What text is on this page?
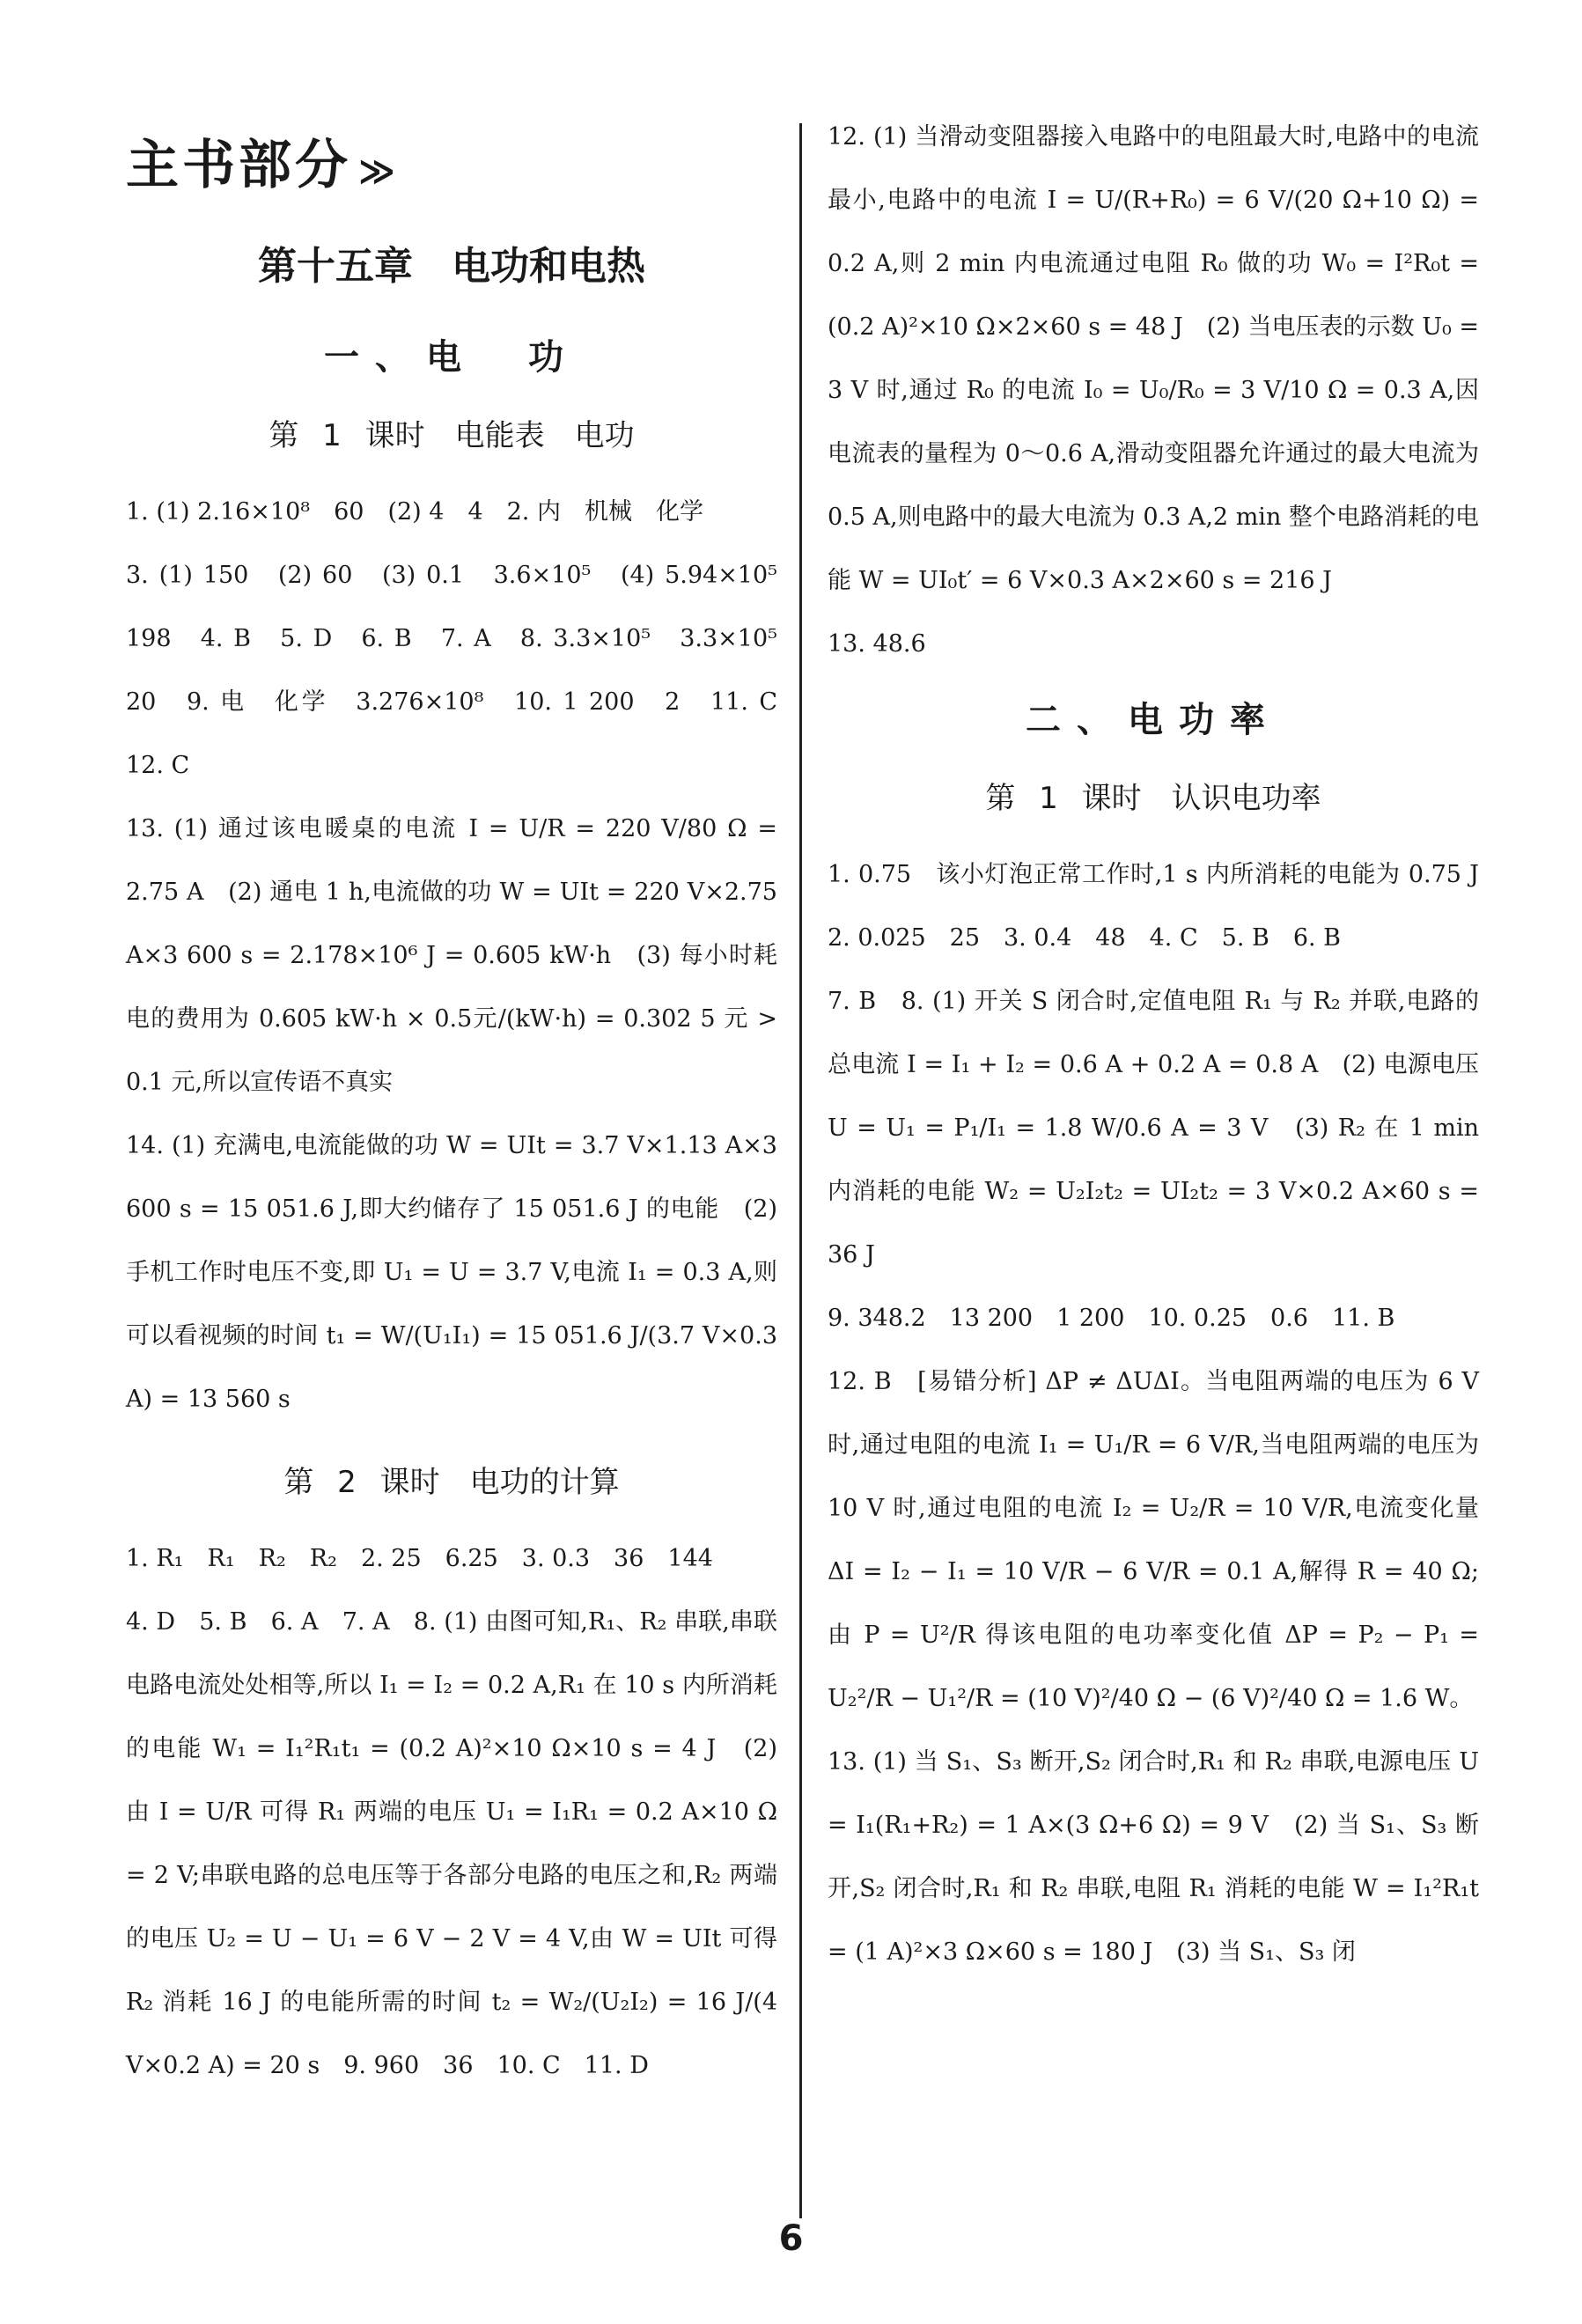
主书部分 ≫
第十五章　电功和电热
一、电　功
第 1 课时　电能表　电功

1. (1) 2.16×10⁸　60　(2) 4　4　2. 内　机械　化学

3. (1) 150　(2) 60　(3) 0.1　3.6×10⁵　(4) 5.94×10⁵　198　4. B　5. D　6. B　7. A　8. 3.3×10⁵　3.3×10⁵　20　9. 电　化学　3.276×10⁸　10. 1 200　2　11. C　12. C

13. (1) 通过该电暖桌的电流 I = U/R = 220 V/80 Ω = 2.75 A　(2) 通电 1 h,电流做的功 W = UIt = 220 V×2.75 A×3 600 s = 2.178×10⁶ J = 0.605 kW·h　(3) 每小时耗电的费用为 0.605 kW·h × 0.5元/(kW·h) = 0.302 5 元 > 0.1 元,所以宣传语不真实

14. (1) 充满电,电流能做的功 W = UIt = 3.7 V×1.13 A×3 600 s = 15 051.6 J,即大约储存了 15 051.6 J 的电能　(2) 手机工作时电压不变,即 U₁ = U = 3.7 V,电流 I₁ = 0.3 A,则可以看视频的时间 t₁ = W/(U₁I₁) = 15 051.6 J/(3.7 V×0.3 A) = 13 560 s

第 2 课时　电功的计算

1. R₁　R₁　R₂　R₂　2. 25　6.25　3. 0.3　36　144

4. D　5. B　6. A　7. A　8. (1) 由图可知,R₁、R₂ 串联,串联电路电流处处相等,所以 I₁ = I₂ = 0.2 A,R₁ 在 10 s 内所消耗的电能 W₁ = I₁²R₁t₁ = (0.2 A)²×10 Ω×10 s = 4 J　(2) 由 I = U/R 可得 R₁ 两端的电压 U₁ = I₁R₁ = 0.2 A×10 Ω = 2 V;串联电路的总电压等于各部分电路的电压之和,R₂ 两端的电压 U₂ = U − U₁ = 6 V − 2 V = 4 V,由 W = UIt 可得 R₂ 消耗 16 J 的电能所需的时间 t₂ = W₂/(U₂I₂) = 16 J/(4 V×0.2 A) = 20 s　9. 960　36　10. C　11. D

12. (1) 当滑动变阻器接入电路中的电阻最大时,电路中的电流最小,电路中的电流 I = U/(R+R₀) = 6 V/(20 Ω+10 Ω) = 0.2 A,则 2 min 内电流通过电阻 R₀ 做的功 W₀ = I²R₀t = (0.2 A)²×10 Ω×2×60 s = 48 J　(2) 当电压表的示数 U₀ = 3 V 时,通过 R₀ 的电流 I₀ = U₀/R₀ = 3 V/10 Ω = 0.3 A,因电流表的量程为 0～0.6 A,滑动变阻器允许通过的最大电流为 0.5 A,则电路中的最大电流为 0.3 A,2 min 整个电路消耗的电能 W = UI₀t′ = 6 V×0.3 A×2×60 s = 216 J

13. 48.6

二、电功率
第 1 课时　认识电功率

1. 0.75　该小灯泡正常工作时,1 s 内所消耗的电能为 0.75 J　2. 0.025　25　3. 0.4　48　4. C　5. B　6. B

7. B　8. (1) 开关 S 闭合时,定值电阻 R₁ 与 R₂ 并联,电路的总电流 I = I₁ + I₂ = 0.6 A + 0.2 A = 0.8 A　(2) 电源电压 U = U₁ = P₁/I₁ = 1.8 W/0.6 A = 3 V　(3) R₂ 在 1 min 内消耗的电能 W₂ = U₂I₂t₂ = UI₂t₂ = 3 V×0.2 A×60 s = 36 J

9. 348.2　13 200　1 200　10. 0.25　0.6　11. B

12. B　[易错分析] ΔP ≠ ΔUΔI。当电阻两端的电压为 6 V 时,通过电阻的电流 I₁ = U₁/R = 6 V/R,当电阻两端的电压为 10 V 时,通过电阻的电流 I₂ = U₂/R = 10 V/R,电流变化量 ΔI = I₂ − I₁ = 10 V/R − 6 V/R = 0.1 A,解得 R = 40 Ω;由 P = U²/R 得该电阻的电功率变化值 ΔP = P₂ − P₁ = U₂²/R − U₁²/R = (10 V)²/40 Ω − (6 V)²/40 Ω = 1.6 W。

13. (1) 当 S₁、S₃ 断开,S₂ 闭合时,R₁ 和 R₂ 串联,电源电压 U = I₁(R₁+R₂) = 1 A×(3 Ω+6 Ω) = 9 V　(2) 当 S₁、S₃ 断开,S₂ 闭合时,R₁ 和 R₂ 串联,电阻 R₁ 消耗的电能 W = I₁²R₁t = (1 A)²×3 Ω×60 s = 180 J　(3) 当 S₁、S₃ 闭

6
